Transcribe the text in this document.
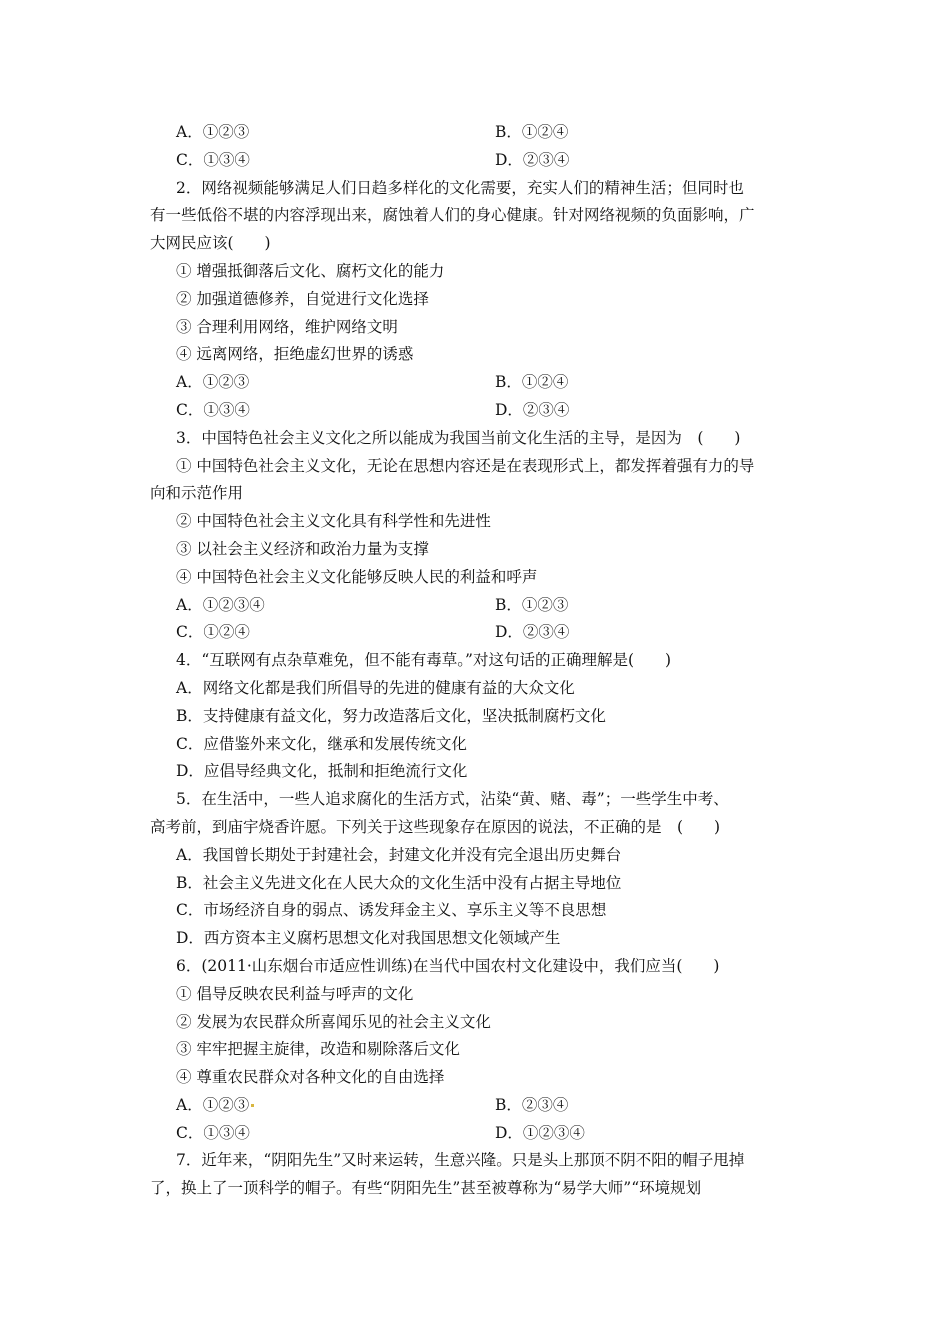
A．①②③	B．①②④
C．①③④	D．②③④
2．网络视频能够满足人们日趋多样化的文化需要，充实人们的精神生活；但同时也
有一些低俗不堪的内容浮现出来，腐蚀着人们的身心健康。针对网络视频的负面影响，广
大网民应该(　　)
① 增强抵御落后文化、腐朽文化的能力
② 加强道德修养，自觉进行文化选择
③ 合理利用网络，维护网络文明
④ 远离网络，拒绝虚幻世界的诱惑
A．①②③	B．①②④
C．①③④	D．②③④
3．中国特色社会主义文化之所以能成为我国当前文化生活的主导，是因为　(　　)
① 中国特色社会主义文化，无论在思想内容还是在表现形式上，都发挥着强有力的导
向和示范作用
② 中国特色社会主义文化具有科学性和先进性
③ 以社会主义经济和政治力量为支撑
④ 中国特色社会主义文化能够反映人民的利益和呼声
A．①②③④	B．①②③
C．①②④	D．②③④
4．“互联网有点杂草难免，但不能有毒草。”对这句话的正确理解是(　　)
A．网络文化都是我们所倡导的先进的健康有益的大众文化
B．支持健康有益文化，努力改造落后文化，坚决抵制腐朽文化
C．应借鉴外来文化，继承和发展传统文化
D．应倡导经典文化，抵制和拒绝流行文化
5．在生活中，一些人追求腐化的生活方式，沾染“黄、赌、毒”；一些学生中考、
高考前，到庙宇烧香许愿。下列关于这些现象存在原因的说法，不正确的是　(　　)
A．我国曾长期处于封建社会，封建文化并没有完全退出历史舞台
B．社会主义先进文化在人民大众的文化生活中没有占据主导地位
C．市场经济自身的弱点、诱发拜金主义、享乐主义等不良思想
D．西方资本主义腐朽思想文化对我国思想文化领域产生
6．(2011·山东烟台市适应性训练)在当代中国农村文化建设中，我们应当(　　)
① 倡导反映农民利益与呼声的文化
② 发展为农民群众所喜闻乐见的社会主义文化
③ 牢牢把握主旋律，改造和剔除落后文化
④ 尊重农民群众对各种文化的自由选择
A．①②③	B．②③④
C．①③④	D．①②③④
7．近年来，“阴阳先生”又时来运转，生意兴隆。只是头上那顶不阴不阳的帽子甩掉
了，换上了一顶科学的帽子。有些“阴阳先生”甚至被尊称为“易学大师”“环境规划
